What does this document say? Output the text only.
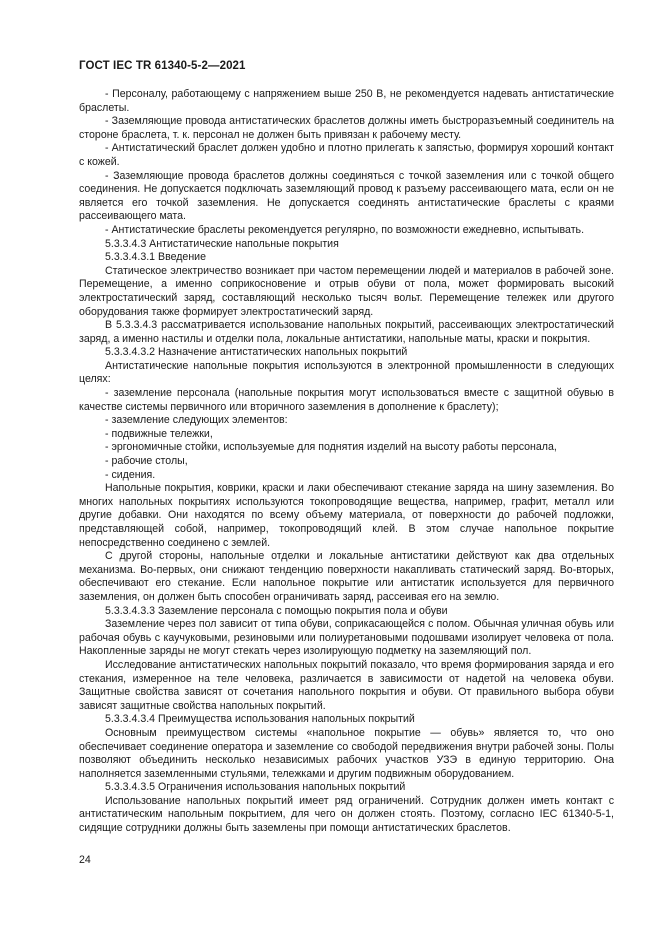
ГОСТ IEC TR 61340-5-2—2021

- Персоналу, работающему с напряжением выше 250 В, не рекомендуется надевать антистатические браслеты.

- Заземляющие провода антистатических браслетов должны иметь быстроразъемный соединитель на стороне браслета, т. к. персонал не должен быть привязан к рабочему месту.

- Антистатический браслет должен удобно и плотно прилегать к запястью, формируя хороший контакт с кожей.

- Заземляющие провода браслетов должны соединяться с точкой заземления или с точкой общего соединения. Не допускается подключать заземляющий провод к разъему рассеивающего мата, если он не является его точкой заземления. Не допускается соединять антистатические браслеты с краями рассеивающего мата.

- Антистатические браслеты рекомендуется регулярно, по возможности ежедневно, испытывать.

5.3.3.4.3 Антистатические напольные покрытия

5.3.3.4.3.1 Введение

Статическое электричество возникает при частом перемещении людей и материалов в рабочей зоне. Перемещение, а именно соприкосновение и отрыв обуви от пола, может формировать высокий электростатический заряд, составляющий несколько тысяч вольт. Перемещение тележек или другого оборудования также формирует электростатический заряд.

В 5.3.3.4.3 рассматривается использование напольных покрытий, рассеивающих электростатический заряд, а именно настилы и отделки пола, локальные антистатики, напольные маты, краски и покрытия.

5.3.3.4.3.2 Назначение антистатических напольных покрытий

Антистатические напольные покрытия используются в электронной промышленности в следующих целях:

- заземление персонала (напольные покрытия могут использоваться вместе с защитной обувью в качестве системы первичного или вторичного заземления в дополнение к браслету);

- заземление следующих элементов:

- подвижные тележки,

- эргономичные стойки, используемые для поднятия изделий на высоту работы персонала,

- рабочие столы,

- сидения.

Напольные покрытия, коврики, краски и лаки обеспечивают стекание заряда на шину заземления. Во многих напольных покрытиях используются токопроводящие вещества, например, графит, металл или другие добавки. Они находятся по всему объему материала, от поверхности до рабочей подложки, представляющей собой, например, токопроводящий клей. В этом случае напольное покрытие непосредственно соединено с землей.

С другой стороны, напольные отделки и локальные антистатики действуют как два отдельных механизма. Во-первых, они снижают тенденцию поверхности накапливать статический заряд. Во-вторых, обеспечивают его стекание. Если напольное покрытие или антистатик используется для первичного заземления, он должен быть способен ограничивать заряд, рассеивая его на землю.

5.3.3.4.3.3 Заземление персонала с помощью покрытия пола и обуви

Заземление через пол зависит от типа обуви, соприкасающейся с полом. Обычная уличная обувь или рабочая обувь с каучуковыми, резиновыми или полиуретановыми подошвами изолирует человека от пола. Накопленные заряды не могут стекать через изолирующую подметку на заземляющий пол.

Исследование антистатических напольных покрытий показало, что время формирования заряда и его стекания, измеренное на теле человека, различается в зависимости от надетой на человека обуви. Защитные свойства зависят от сочетания напольного покрытия и обуви. От правильного выбора обуви зависят защитные свойства напольных покрытий.

5.3.3.4.3.4 Преимущества использования напольных покрытий

Основным преимуществом системы «напольное покрытие — обувь» является то, что оно обеспечивает соединение оператора и заземление со свободой передвижения внутри рабочей зоны. Полы позволяют объединить несколько независимых рабочих участков УЗЭ в единую территорию. Она наполняется заземленными стульями, тележками и другим подвижным оборудованием.

5.3.3.4.3.5 Ограничения использования напольных покрытий

Использование напольных покрытий имеет ряд ограничений. Сотрудник должен иметь контакт с антистатическим напольным покрытием, для чего он должен стоять. Поэтому, согласно IEC 61340-5-1, сидящие сотрудники должны быть заземлены при помощи антистатических браслетов.

24
